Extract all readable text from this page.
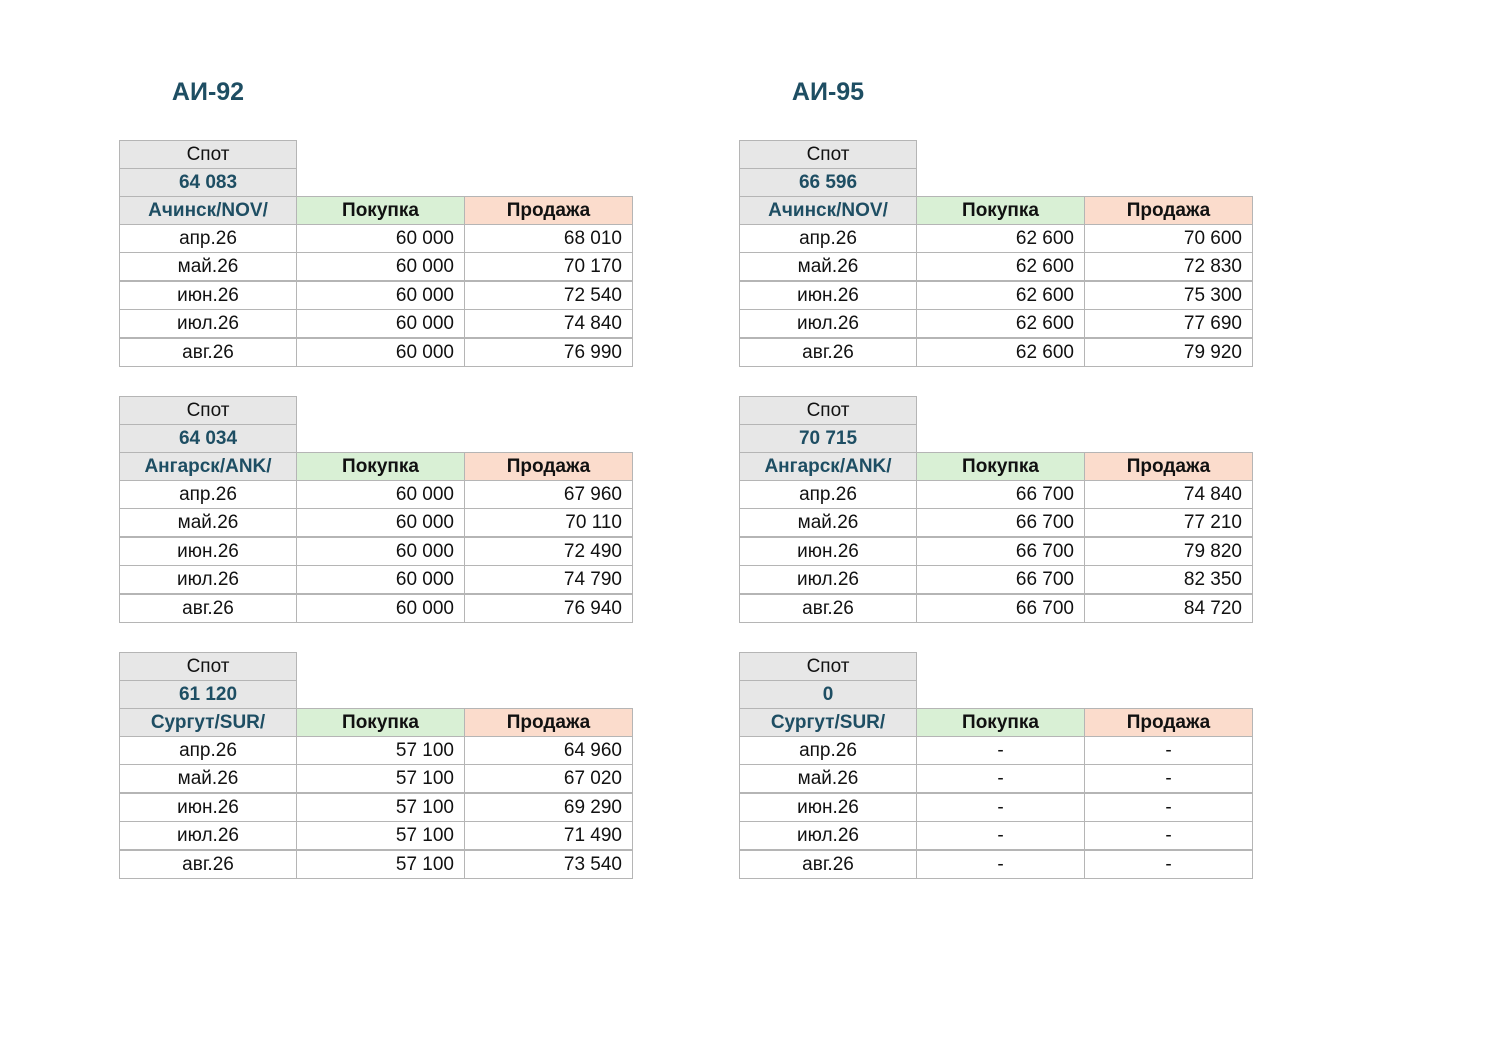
АИ-92
Спот
64 083
Ачинск/NOV/	Покупка	Продажа
апр.26	60 000	68 010
май.26	60 000	70 170
июн.26	60 000	72 540
июл.26	60 000	74 840
авг.26	60 000	76 990
Спот
64 034
Ангарск/ANK/	Покупка	Продажа
апр.26	60 000	67 960
май.26	60 000	70 110
июн.26	60 000	72 490
июл.26	60 000	74 790
авг.26	60 000	76 940
Спот
61 120
Сургут/SUR/	Покупка	Продажа
апр.26	57 100	64 960
май.26	57 100	67 020
июн.26	57 100	69 290
июл.26	57 100	71 490
авг.26	57 100	73 540
АИ-95
Спот
66 596
Ачинск/NOV/	Покупка	Продажа
апр.26	62 600	70 600
май.26	62 600	72 830
июн.26	62 600	75 300
июл.26	62 600	77 690
авг.26	62 600	79 920
Спот
70 715
Ангарск/ANK/	Покупка	Продажа
апр.26	66 700	74 840
май.26	66 700	77 210
июн.26	66 700	79 820
июл.26	66 700	82 350
авг.26	66 700	84 720
Спот
0
Сургут/SUR/	Покупка	Продажа
апр.26	-	-
май.26	-	-
июн.26	-	-
июл.26	-	-
авг.26	-	-
